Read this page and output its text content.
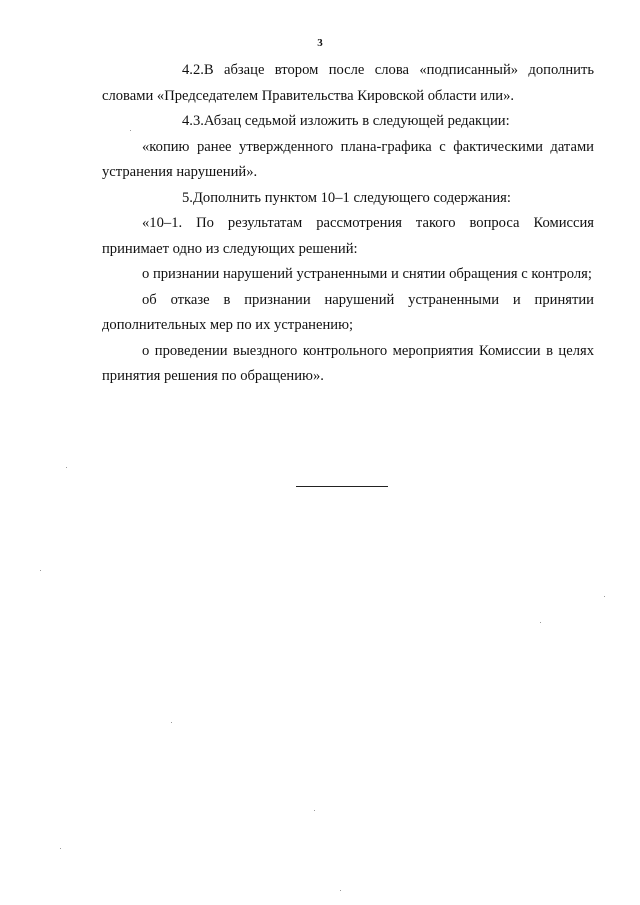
3

4.2.В абзаце втором после слова «подписанный» дополнить словами «Председателем Правительства Кировской области или».

4.3.Абзац седьмой изложить в следующей редакции:

«копию ранее утвержденного плана-графика с фактическими датами устранения нарушений».

5.Дополнить пунктом 10–1 следующего содержания:

«10–1. По результатам рассмотрения такого вопроса Комиссия принимает одно из следующих решений:

о признании нарушений устраненными и снятии обращения с контроля;

об отказе в признании нарушений устраненными и принятии дополнительных мер по их устранению;

о проведении выездного контрольного мероприятия Комиссии в целях принятия решения по обращению».
